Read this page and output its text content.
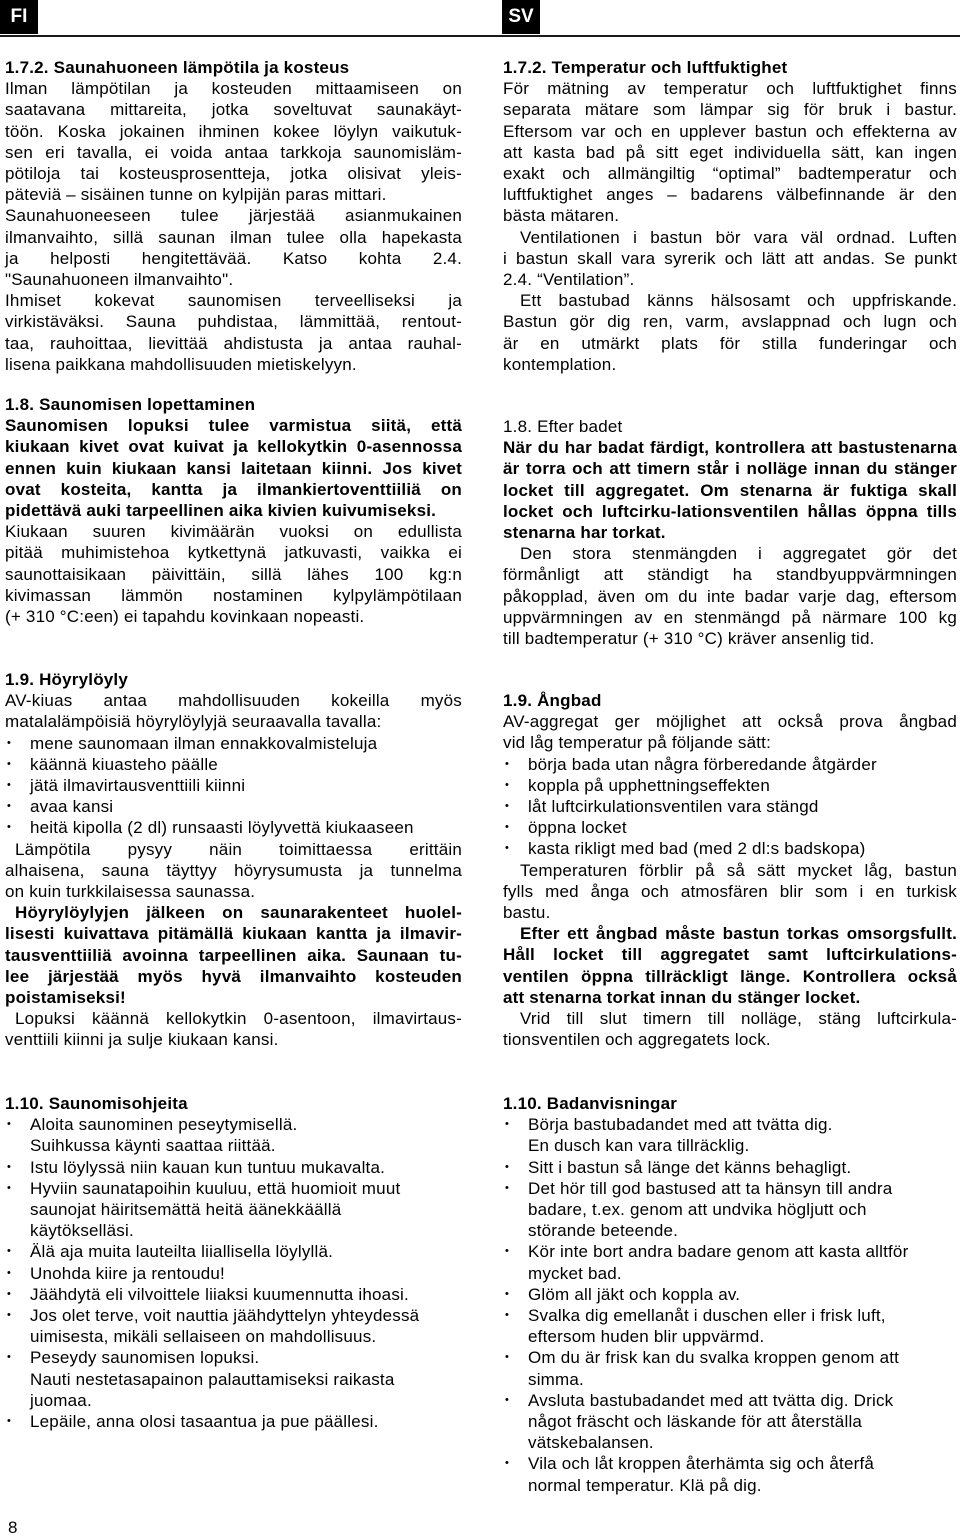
FI	SV
1.7.2. Saunahuoneen lämpötila ja kosteus
Ilman lämpötilan ja kosteuden mittaamiseen on
saatavana mittareita, jotka soveltuvat saunakäyt-
töön. Koska jokainen ihminen kokee löylyn vaikutuk-
sen eri tavalla, ei voida antaa tarkkoja saunomisläm-
pötiloja tai kosteusprosentteja, jotka olisivat yleis-
päteviä – sisäinen tunne on kylpijän paras mittari.
Saunahuoneeseen tulee järjestää asianmukainen
ilmanvaihto, sillä saunan ilman tulee olla hapekasta
ja helposti hengitettävää. Katso kohta 2.4.
"Saunahuoneen ilmanvaihto".
Ihmiset kokevat saunomisen terveelliseksi ja
virkistäväksi. Sauna puhdistaa, lämmittää, rentout-
taa, rauhoittaa, lievittää ahdistusta ja antaa rauhal-
lisena paikkana mahdollisuuden mietiskelyyn.
1.8. Saunomisen lopettaminen
Saunomisen lopuksi tulee varmistua siitä, että
kiukaan kivet ovat kuivat ja kellokytkin 0-asennossa
ennen kuin kiukaan kansi laitetaan kiinni. Jos kivet
ovat kosteita, kantta ja ilmankiertoventtiiliä on
pidettävä auki tarpeellinen aika kivien kuivumiseksi.
Kiukaan suuren kivimäärän vuoksi on edullista
pitää muhimistehoa kytkettynä jatkuvasti, vaikka ei
saunottaisikaan päivittäin, sillä lähes 100 kg:n
kivimassan lämmön nostaminen kylpylämpötilaan
(+ 310 °C:een) ei tapahdu kovinkaan nopeasti.
1.9. Höyrylöyly
AV-kiuas antaa mahdollisuuden kokeilla myös
matalalämpöisiä höyrylöylyjä seuraavalla tavalla:
• mene saunomaan ilman ennakkovalmisteluja
• käännä kiuasteho päälle
• jätä ilmavirtausventtiili kiinni
• avaa kansi
• heitä kipolla (2 dl) runsaasti löylyvettä kiukaaseen
Lämpötila pysyy näin toimittaessa erittäin
alhaisena, sauna täyttyy höyrysumusta ja tunnelma
on kuin turkkilaisessa saunassa.
Höyrylöylyjen jälkeen on saunarakenteet huolel-
lisesti kuivattava pitämällä kiukaan kantta ja ilmavir-
tausventtiiliä avoinna tarpeellinen aika. Saunaan tu-
lee järjestää myös hyvä ilmanvaihto kosteuden
poistamiseksi!
Lopuksi käännä kellokytkin 0-asentoon, ilmavirtaus-
venttiili kiinni ja sulje kiukaan kansi.
1.10. Saunomisohjeita
• Aloita saunominen peseytymisellä.
Suihkussa käynti saattaa riittää.
• Istu löylyssä niin kauan kun tuntuu mukavalta.
• Hyviin saunatapoihin kuuluu, että huomioit muut
saunojat häiritsemättä heitä äänekkäällä
käytökselläsi.
• Älä aja muita lauteilta liiallisella löylyllä.
• Unohda kiire ja rentoudu!
• Jäähdytä eli vilvoittele liiaksi kuumennutta ihoasi.
• Jos olet terve, voit nauttia jäähdyttelyn yhteydessä
uimisesta, mikäli sellaiseen on mahdollisuus.
• Peseydy saunomisen lopuksi.
Nauti nestetasapainon palauttamiseksi raikasta
juomaa.
• Lepäile, anna olosi tasaantua ja pue päällesi.
1.7.2. Temperatur och luftfuktighet
För mätning av temperatur och luftfuktighet finns
separata mätare som lämpar sig för bruk i bastur.
Eftersom var och en upplever bastun och effekterna av
att kasta bad på sitt eget individuella sätt, kan ingen
exakt och allmängiltig “optimal” badtemperatur och
luftfuktighet anges – badarens välbefinnande är den
bästa mätaren.
Ventilationen i bastun bör vara väl ordnad. Luften
i bastun skall vara syrerik och lätt att andas. Se punkt
2.4. “Ventilation”.
Ett bastubad känns hälsosamt och uppfriskande.
Bastun gör dig ren, varm, avslappnad och lugn och
är en utmärkt plats för stilla funderingar och
kontemplation.
1.8. Efter badet
När du har badat färdigt, kontrollera att bastustenarna
är torra och att timern står i nolläge innan du stänger
locket till aggregatet. Om stenarna är fuktiga skall
locket och luftcirku-lationsventilen hållas öppna tills
stenarna har torkat.
Den stora stenmängden i aggregatet gör det
förmånligt att ständigt ha standbyuppvärmningen
påkopplad, även om du inte badar varje dag, eftersom
uppvärmningen av en stenmängd på närmare 100 kg
till badtemperatur (+ 310 °C) kräver ansenlig tid.
1.9. Ångbad
AV-aggregat ger möjlighet att också prova ångbad
vid låg temperatur på följande sätt:
• börja bada utan några förberedande åtgärder
• koppla på upphettningseffekten
• låt luftcirkulationsventilen vara stängd
• öppna locket
• kasta rikligt med bad (med 2 dl:s badskopa)
Temperaturen förblir på så sätt mycket låg, bastun
fylls med ånga och atmosfären blir som i en turkisk
bastu.
Efter ett ångbad måste bastun torkas omsorgsfullt.
Håll locket till aggregatet samt luftcirkulations-
ventilen öppna tillräckligt länge. Kontrollera också
att stenarna torkat innan du stänger locket.
Vrid till slut timern till nolläge, stäng luftcirkula-
tionsventilen och aggregatets lock.
1.10. Badanvisningar
• Börja bastubadandet med att tvätta dig.
En dusch kan vara tillräcklig.
• Sitt i bastun så länge det känns behagligt.
• Det hör till god bastused att ta hänsyn till andra
badare, t.ex. genom att undvika högljutt och
störande beteende.
• Kör inte bort andra badare genom att kasta alltför
mycket bad.
• Glöm all jäkt och koppla av.
• Svalka dig emellanåt i duschen eller i frisk luft,
eftersom huden blir uppvärmd.
• Om du är frisk kan du svalka kroppen genom att
simma.
• Avsluta bastubadandet med att tvätta dig. Drick
något fräscht och läskande för att återställa
vätskebalansen.
• Vila och låt kroppen återhämta sig och återfå
normal temperatur. Klä på dig.
8
